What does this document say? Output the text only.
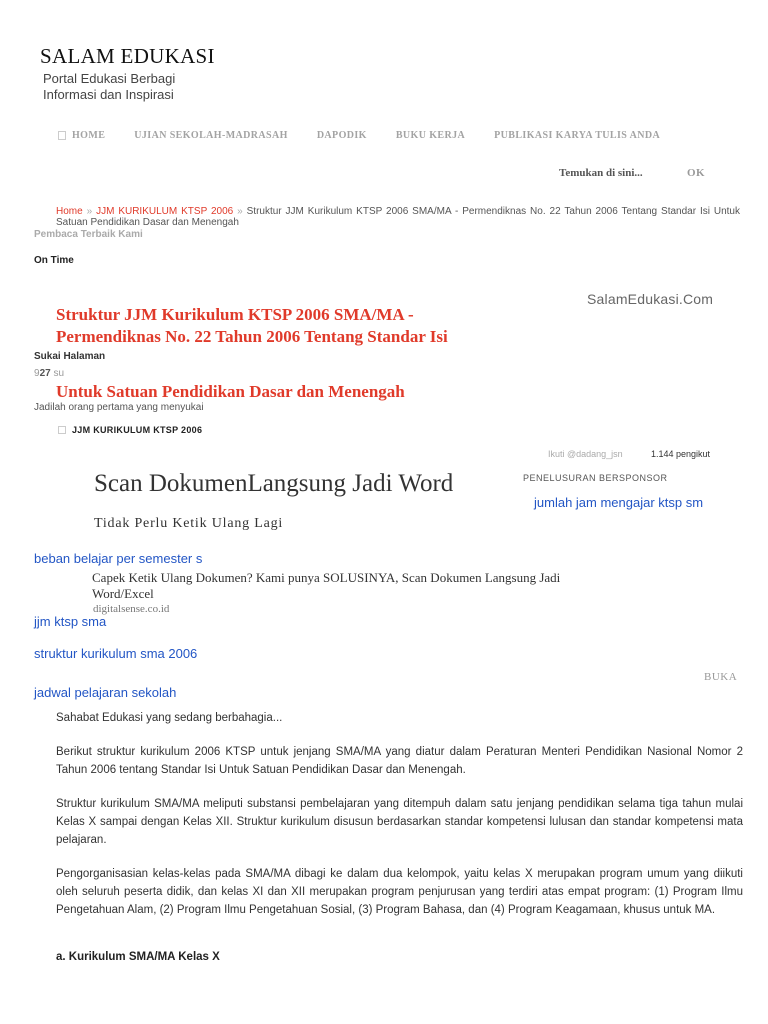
SALAM EDUKASI
Portal Edukasi Berbagi Informasi dan Inspirasi
HOME	UJIAN SEKOLAH-MADRASAH	DAPODIK	BUKU KERJA	PUBLIKASI KARYA TULIS ANDA
Temukan di sini...	OK
Home » JJM KURIKULUM KTSP 2006 » Struktur JJM Kurikulum KTSP 2006 SMA/MA - Permendiknas No. 22 Tahun 2006 Tentang Standar Isi Untuk Satuan Pendidikan Dasar dan Menengah
Pembaca Terbaik Kami
On Time
SalamEdukasi.Com
Struktur JJM Kurikulum KTSP 2006 SMA/MA -
Permendiknas No. 22 Tahun 2006 Tentang Standar Isi
Untuk Satuan Pendidikan Dasar dan Menengah
Sukai Halaman
927 su
Jadilah orang pertama yang menyukai
JJM KURIKULUM KTSP 2006
Ikuti @dadang_jsn	1.144 pengikut
Scan DokumenLangsung Jadi Word	PENELUSURAN BERSPONSOR
Tidak Perlu Ketik Ulang Lagi
Capek Ketik Ulang Dokumen? Kami punya SOLUSINYA, Scan Dokumen Langsung Jadi Word/Excel
digitalsense.co.id
BUKA
jumlah jam mengajar ktsp sm
beban belajar per semester s
jjm ktsp sma
struktur kurikulum sma 2006
jadwal pelajaran sekolah
Sahabat Edukasi yang sedang berbahagia...
Berikut struktur kurikulum 2006 KTSP untuk jenjang SMA/MA yang diatur dalam Peraturan Menteri Pendidikan Nasional Nomor 2 Tahun 2006 tentang Standar Isi Untuk Satuan Pendidikan Dasar dan Menengah.
Struktur kurikulum SMA/MA meliputi substansi pembelajaran yang ditempuh dalam satu jenjang pendidikan selama tiga tahun mulai Kelas X sampai dengan Kelas XII. Struktur kurikulum disusun berdasarkan standar kompetensi lulusan dan standar kompetensi mata pelajaran.
Pengorganisasian kelas-kelas pada SMA/MA dibagi ke dalam dua kelompok, yaitu kelas X merupakan program umum yang diikuti oleh seluruh peserta didik, dan kelas XI dan XII merupakan program penjurusan yang terdiri atas empat program: (1) Program Ilmu Pengetahuan Alam, (2) Program Ilmu Pengetahuan Sosial, (3) Program Bahasa, dan (4) Program Keagamaan, khusus untuk MA.
a. Kurikulum SMA/MA Kelas X
